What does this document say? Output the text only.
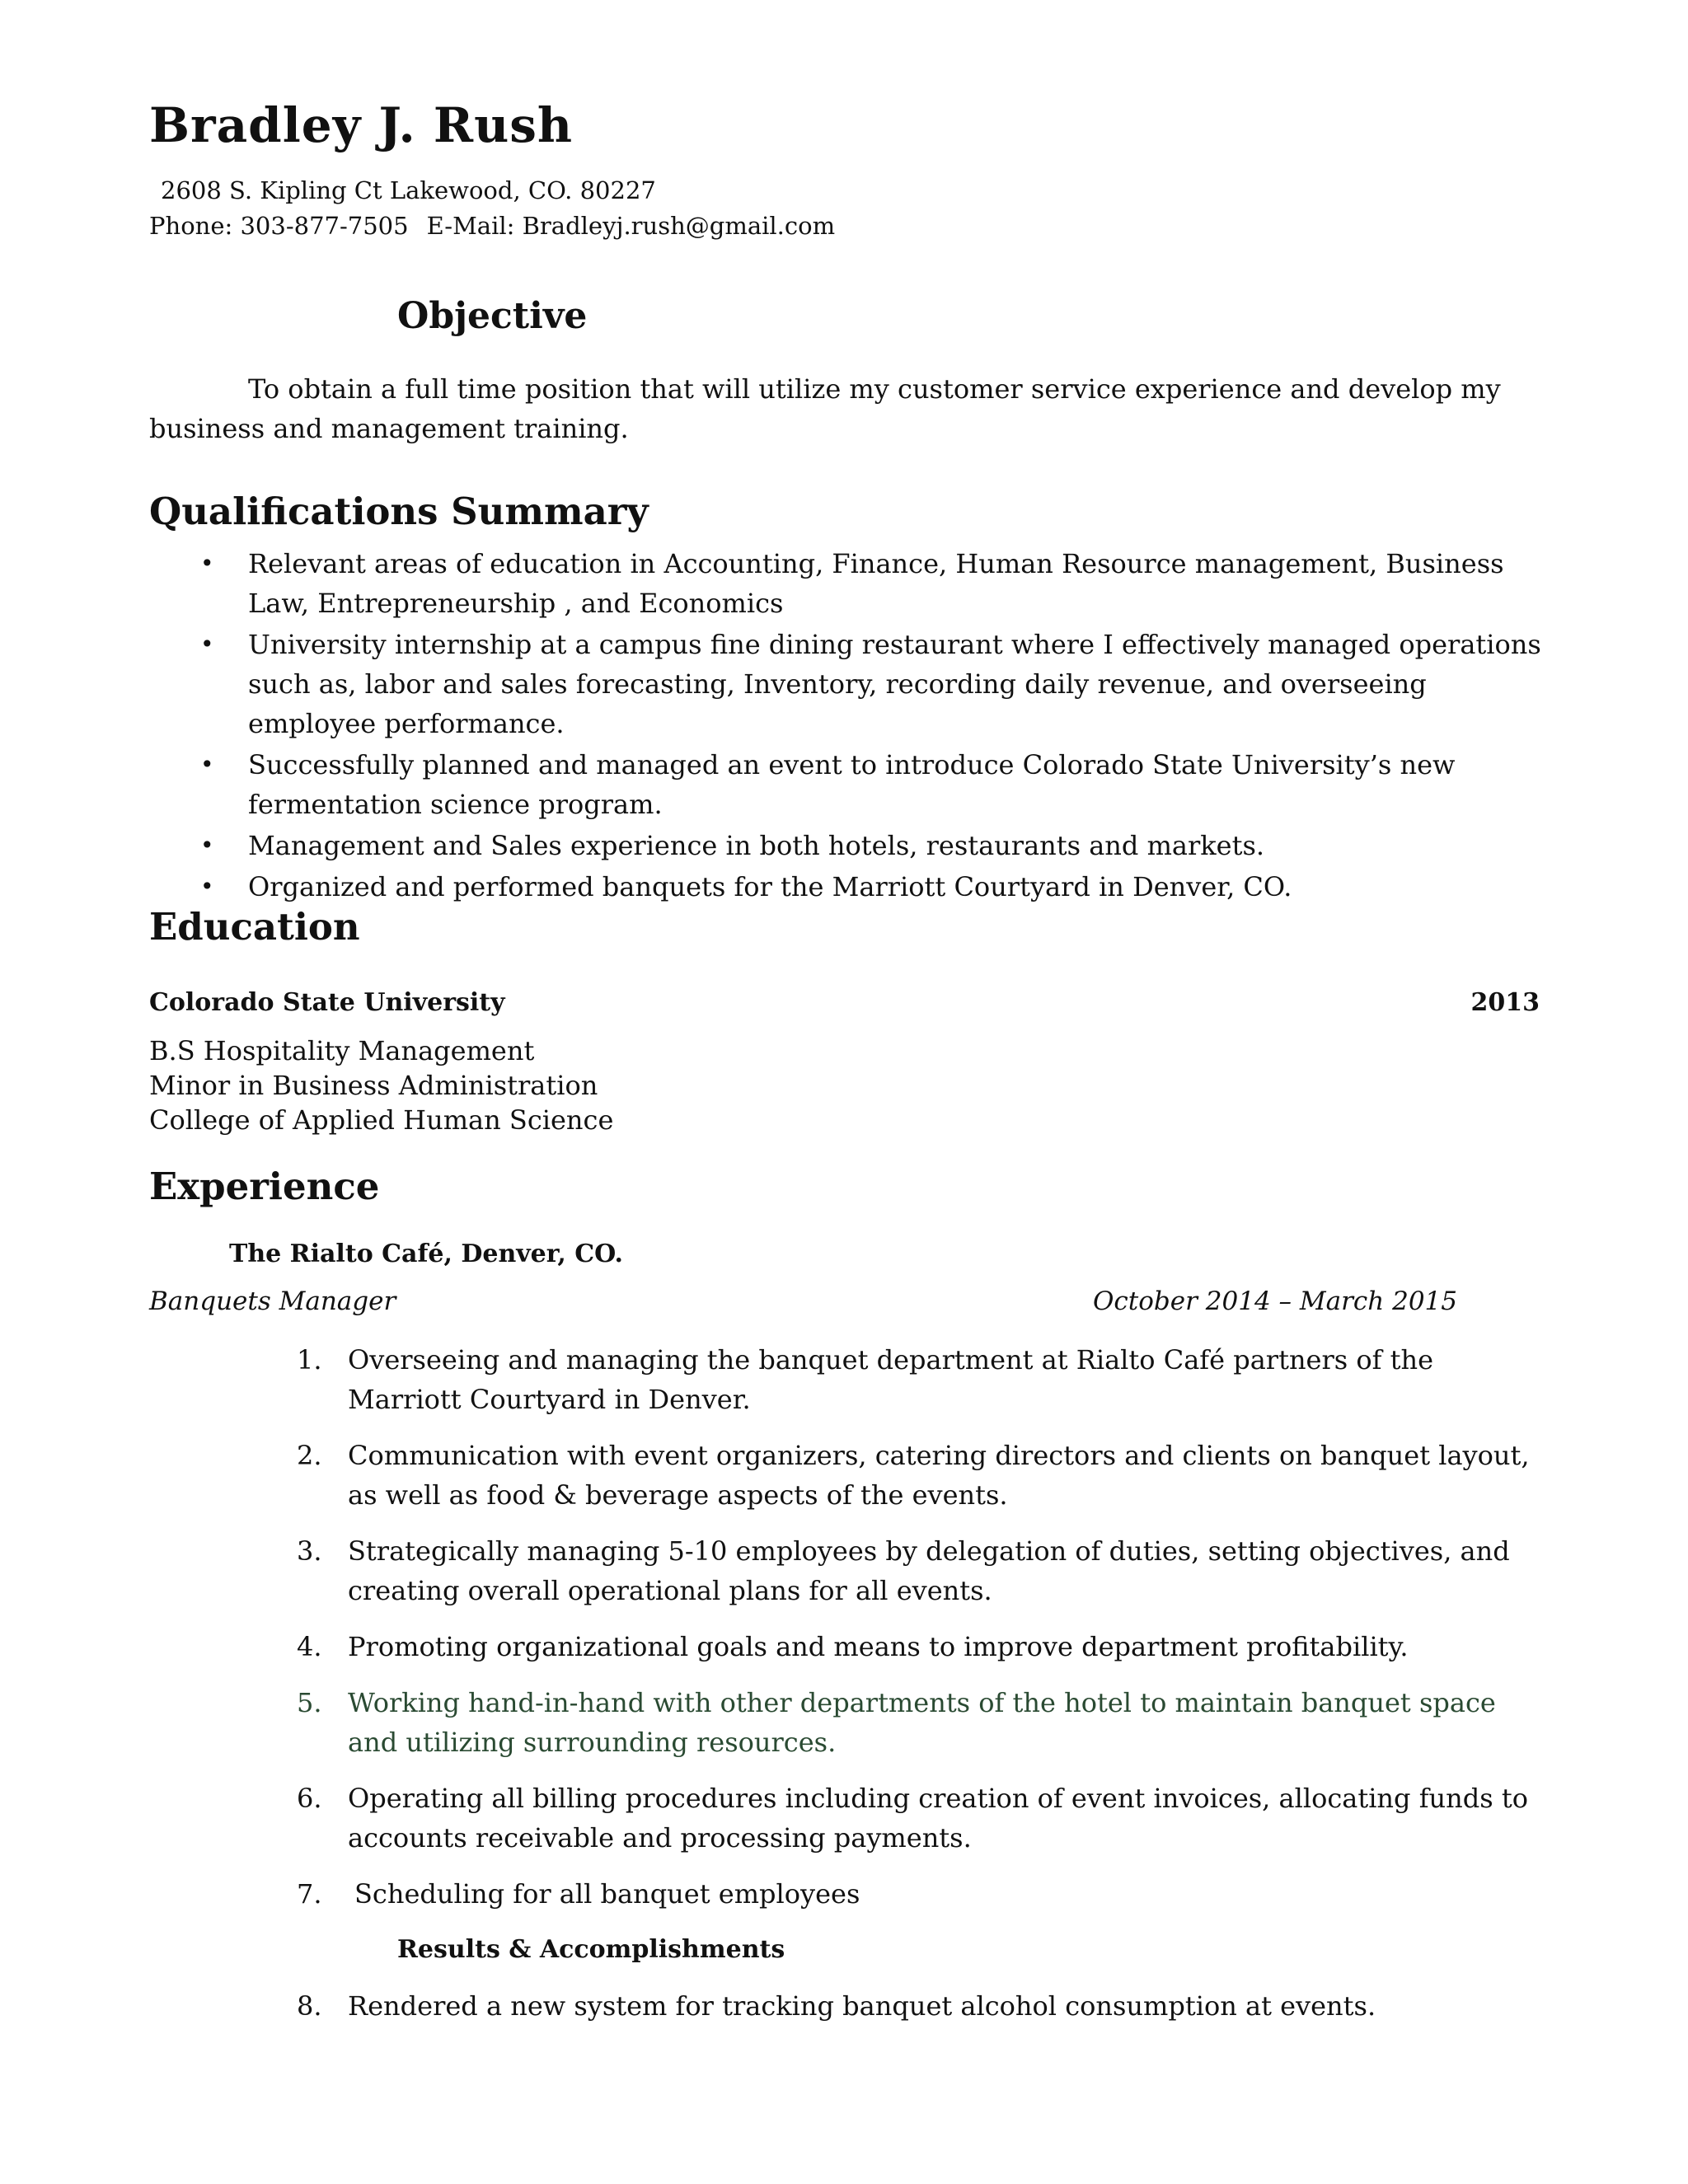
Bradley J. Rush
2608 S. Kipling Ct Lakewood, CO. 80227
Phone: 303-877-7505 E-Mail: Bradleyj.rush@gmail.com
Objective
To obtain a full time position that will utilize my customer service experience and develop my business and management training.
Qualifications Summary
• Relevant areas of education in Accounting, Finance, Human Resource management, Business Law, Entrepreneurship , and Economics
• University internship at a campus fine dining restaurant where I effectively managed operations such as, labor and sales forecasting, Inventory, recording daily revenue, and overseeing employee performance.
• Successfully planned and managed an event to introduce Colorado State University’s new fermentation science program.
• Management and Sales experience in both hotels, restaurants and markets.
• Organized and performed banquets for the Marriott Courtyard in Denver, CO.
Education
Colorado State University	2013
B.S Hospitality Management
Minor in Business Administration
College of Applied Human Science
Experience
The Rialto Café, Denver, CO.
Banquets Manager	October 2014 – March 2015
1. Overseeing and managing the banquet department at Rialto Café partners of the Marriott Courtyard in Denver.
2. Communication with event organizers, catering directors and clients on banquet layout, as well as food & beverage aspects of the events.
3. Strategically managing 5-10 employees by delegation of duties, setting objectives, and creating overall operational plans for all events.
4. Promoting organizational goals and means to improve department profitability.
5. Working hand-in-hand with other departments of the hotel to maintain banquet space and utilizing surrounding resources.
6. Operating all billing procedures including creation of event invoices, allocating funds to accounts receivable and processing payments.
7. Scheduling for all banquet employees
Results & Accomplishments
8. Rendered a new system for tracking banquet alcohol consumption at events.
